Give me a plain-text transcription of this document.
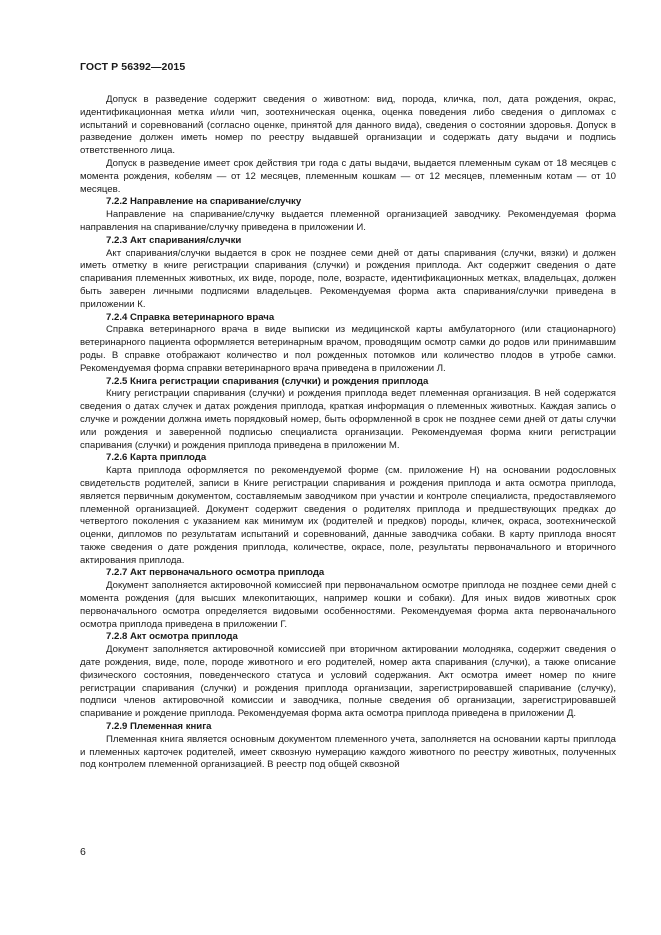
ГОСТ Р 56392—2015

Допуск в разведение содержит сведения о животном: вид, порода, кличка, пол, дата рождения, окрас, идентификационная метка и/или чип, зоотехническая оценка, оценка поведения либо сведения о дипломах с испытаний и соревнований (согласно оценке, принятой для данного вида), сведения о состоянии здоровья. Допуск в разведение должен иметь номер по реестру выдавшей организации и содержать дату выдачи и подпись ответственного лица.

Допуск в разведение имеет срок действия три года с даты выдачи, выдается племенным сукам от 18 месяцев с момента рождения, кобелям — от 12 месяцев, племенным кошкам — от 12 месяцев, племенным котам — от 10 месяцев.

7.2.2 Направление на спаривание/случку

Направление на спаривание/случку выдается племенной организацией заводчику. Рекомендуемая форма направления на спаривание/случку приведена в приложении И.

7.2.3 Акт спаривания/случки

Акт спаривания/случки выдается в срок не позднее семи дней от даты спаривания (случки, вязки) и должен иметь отметку в книге регистрации спаривания (случки) и рождения приплода. Акт содержит сведения о дате спаривания племенных животных, их виде, породе, поле, возрасте, идентификационных метках, владельцах, должен быть заверен личными подписями владельцев. Рекомендуемая форма акта спаривания/случки приведена в приложении К.

7.2.4 Справка ветеринарного врача

Справка ветеринарного врача в виде выписки из медицинской карты амбулаторного (или стационарного) ветеринарного пациента оформляется ветеринарным врачом, проводящим осмотр самки до родов или принимавшим роды. В справке отображают количество и пол рожденных потомков или количество плодов в утробе самки. Рекомендуемая форма справки ветеринарного врача приведена в приложении Л.

7.2.5 Книга регистрации спаривания (случки) и рождения приплода

Книгу регистрации спаривания (случки) и рождения приплода ведет племенная организация. В ней содержатся сведения о датах случек и датах рождения приплода, краткая информация о племенных животных. Каждая запись о случке и рождении должна иметь порядковый номер, быть оформленной в срок не позднее семи дней от даты случки или рождения и заверенной подписью специалиста организации. Рекомендуемая форма книги регистрации спаривания (случки) и рождения приплода приведена в приложении М.

7.2.6 Карта приплода

Карта приплода оформляется по рекомендуемой форме (см. приложение Н) на основании родословных свидетельств родителей, записи в Книге регистрации спаривания и рождения приплода и акта осмотра приплода, является первичным документом, составляемым заводчиком при участии и контроле специалиста, предоставляемого племенной организацией. Документ содержит сведения о родителях приплода и предшествующих предках до четвертого поколения с указанием как минимум их (родителей и предков) породы, кличек, окраса, зоотехнической оценки, дипломов по результатам испытаний и соревнований, данные заводчика собаки. В карту приплода вносят также сведения о дате рождения приплода, количестве, окрасе, поле, результаты первоначального и вторичного актирования приплода.

7.2.7 Акт первоначального осмотра приплода

Документ заполняется актировочной комиссией при первоначальном осмотре приплода не позднее семи дней с момента рождения (для высших млекопитающих, например кошки и собаки). Для иных видов животных срок первоначального осмотра определяется видовыми особенностями. Рекомендуемая форма акта первоначального осмотра приплода приведена в приложении Г.

7.2.8 Акт осмотра приплода

Документ заполняется актировочной комиссией при вторичном актировании молодняка, содержит сведения о дате рождения, виде, поле, породе животного и его родителей, номер акта спаривания (случки), а также описание физического состояния, поведенческого статуса и условий содержания. Акт осмотра имеет номер по книге регистрации спаривания (случки) и рождения приплода организации, зарегистрировавшей спаривание (случку), подписи членов актировочной комиссии и заводчика, полные сведения об организации, зарегистрировавшей спаривание и рождение приплода. Рекомендуемая форма акта осмотра приплода приведена в приложении Д.

7.2.9 Племенная книга

Племенная книга является основным документом племенного учета, заполняется на основании карты приплода и племенных карточек родителей, имеет сквозную нумерацию каждого животного по реестру животных, полученных под контролем племенной организацией. В реестр под общей сквозной

6
